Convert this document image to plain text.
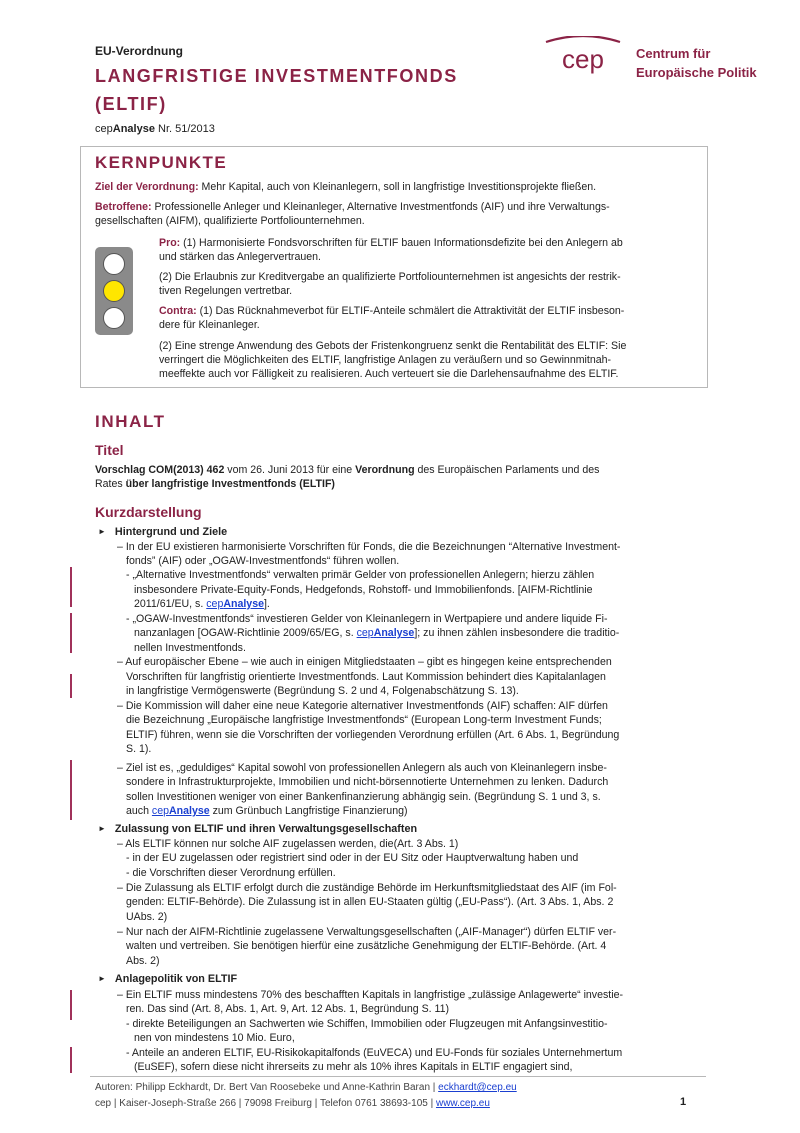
EU-Verordnung
LANGFRISTIGE INVESTMENTFONDS
(ELTIF)
cepAnalyse Nr. 51/2013
cep Centrum für
Europäische Politik
KERNPUNKTE
Ziel der Verordnung: Mehr Kapital, auch von Kleinanlegern, soll in langfristige Investitionsprojekte fließen.
Betroffene: Professionelle Anleger und Kleinanleger, Alternative Investmentfonds (AIF) und ihre Verwaltungs-
gesellschaften (AIFM), qualifizierte Portfoliounternehmen.
Pro: (1) Harmonisierte Fondsvorschriften für ELTIF bauen Informationsdefizite bei den Anlegern ab
und stärken das Anlegervertrauen.
(2) Die Erlaubnis zur Kreditvergabe an qualifizierte Portfoliounternehmen ist angesichts der restrik-
tiven Regelungen vertretbar.
Contra: (1) Das Rücknahmeverbot für ELTIF-Anteile schmälert die Attraktivität der ELTIF insbeson-
dere für Kleinanleger.
(2) Eine strenge Anwendung des Gebots der Fristenkongruenz senkt die Rentabilität des ELTIF: Sie
verringert die Möglichkeiten des ELTIF, langfristige Anlagen zu veräußern und so Gewinnmitnah-
meeffekte auch vor Fälligkeit zu realisieren. Auch verteuert sie die Darlehensaufnahme des ELTIF.
INHALT
Titel
Vorschlag COM(2013) 462 vom 26. Juni 2013 für eine Verordnung des Europäischen Parlaments und des
Rates über langfristige Investmentfonds (ELTIF)
Kurzdarstellung
► Hintergrund und Ziele
– In der EU existieren harmonisierte Vorschriften für Fonds, die die Bezeichnungen “Alternative Investment-
fonds” (AIF) oder „OGAW-Investmentfonds“ führen wollen.
- „Alternative Investmentfonds“ verwalten primär Gelder von professionellen Anlegern; hierzu zählen
insbesondere Private-Equity-Fonds, Hedgefonds, Rohstoff- und Immobilienfonds. [AIFM-Richtlinie
2011/61/EU, s. cepAnalyse].
- „OGAW-Investmentfonds“ investieren Gelder von Kleinanlegern in Wertpapiere und andere liquide Fi-
nanzanlagen [OGAW-Richtlinie 2009/65/EG, s. cepAnalyse]; zu ihnen zählen insbesondere die traditio-
nellen Investmentfonds.
– Auf europäischer Ebene – wie auch in einigen Mitgliedstaaten – gibt es hingegen keine entsprechenden
Vorschriften für langfristig orientierte Investmentfonds. Laut Kommission behindert dies Kapitalanlagen
in langfristige Vermögenswerte (Begründung S. 2 und 4, Folgenabschätzung S. 13).
– Die Kommission will daher eine neue Kategorie alternativer Investmentfonds (AIF) schaffen: AIF dürfen
die Bezeichnung „Europäische langfristige Investmentfonds“ (European Long-term Investment Funds;
ELTIF) führen, wenn sie die Vorschriften der vorliegenden Verordnung erfüllen (Art. 6 Abs. 1, Begründung
S. 1).
– Ziel ist es, „geduldiges“ Kapital sowohl von professionellen Anlegern als auch von Kleinanlegern insbe-
sondere in Infrastrukturprojekte, Immobilien und nicht-börsennotierte Unternehmen zu lenken. Dadurch
sollen Investitionen weniger von einer Bankenfinanzierung abhängig sein. (Begründung S. 1 und 3, s.
auch cepAnalyse zum Grünbuch Langfristige Finanzierung)
► Zulassung von ELTIF und ihren Verwaltungsgesellschaften
– Als ELTIF können nur solche AIF zugelassen werden, die(Art. 3 Abs. 1)
- in der EU zugelassen oder registriert sind oder in der EU Sitz oder Hauptverwaltung haben und
- die Vorschriften dieser Verordnung erfüllen.
– Die Zulassung als ELTIF erfolgt durch die zuständige Behörde im Herkunftsmitgliedstaat des AIF (im Fol-
genden: ELTIF-Behörde). Die Zulassung ist in allen EU-Staaten gültig („EU-Pass“). (Art. 3 Abs. 1, Abs. 2
UAbs. 2)
– Nur nach der AIFM-Richtlinie zugelassene Verwaltungsgesellschaften („AIF-Manager“) dürfen ELTIF ver-
walten und vertreiben. Sie benötigen hierfür eine zusätzliche Genehmigung der ELTIF-Behörde. (Art. 4
Abs. 2)
► Anlagepolitik von ELTIF
– Ein ELTIF muss mindestens 70% des beschafften Kapitals in langfristige „zulässige Anlagewerte“ investie-
ren. Das sind (Art. 8, Abs. 1, Art. 9, Art. 12 Abs. 1, Begründung S. 11)
- direkte Beteiligungen an Sachwerten wie Schiffen, Immobilien oder Flugzeugen mit Anfangsinvestitio-
nen von mindestens 10 Mio. Euro,
- Anteile an anderen ELTIF, EU-Risikokapitalfonds (EuVECA) und EU-Fonds für soziales Unternehmertum
(EuSEF), sofern diese nicht ihrerseits zu mehr als 10% ihres Kapitals in ELTIF engagiert sind,
Autoren: Philipp Eckhardt, Dr. Bert Van Roosebeke und Anne-Kathrin Baran | eckhardt@cep.eu
cep | Kaiser-Joseph-Straße 266 | 79098 Freiburg | Telefon 0761 38693-105 | www.cep.eu	1
